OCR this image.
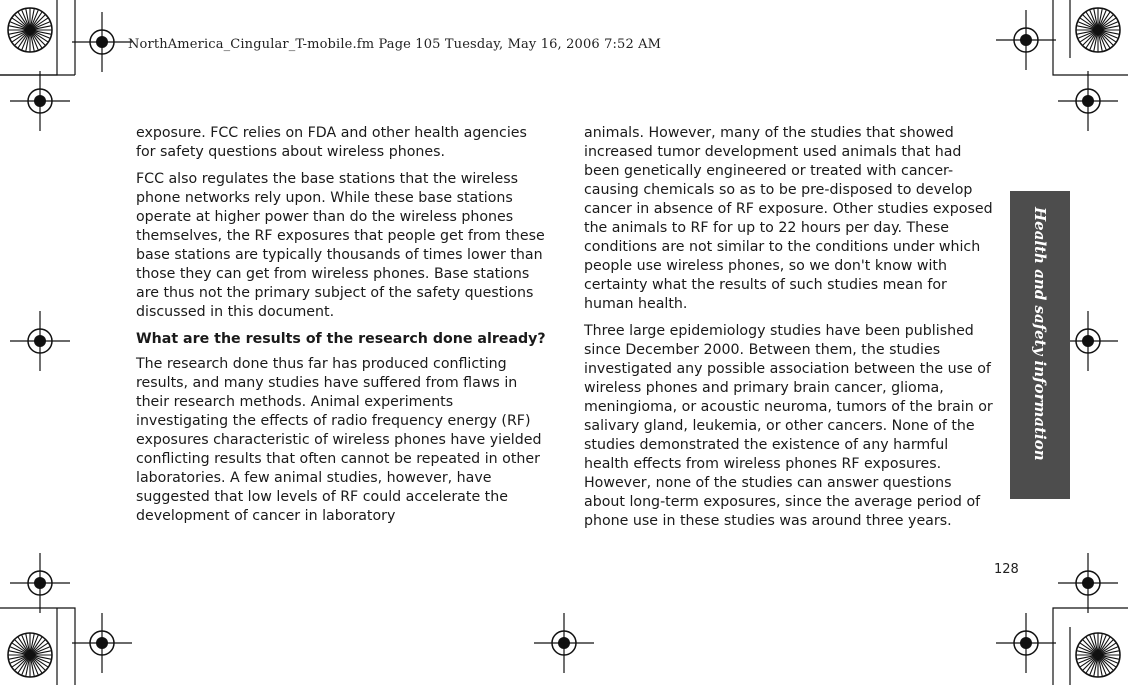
NorthAmerica_Cingular_T-mobile.fm Page 105 Tuesday, May 16, 2006 7:52 AM

exposure. FCC relies on FDA and other health agencies for safety questions about wireless phones.

FCC also regulates the base stations that the wireless phone networks rely upon. While these base stations operate at higher power than do the wireless phones themselves, the RF exposures that people get from these base stations are typically thousands of times lower than those they can get from wireless phones. Base stations are thus not the primary subject of the safety questions discussed in this document.

What are the results of the research done already?

The research done thus far has produced conflicting results, and many studies have suffered from flaws in their research methods. Animal experiments investigating the effects of radio frequency energy (RF) exposures characteristic of wireless phones have yielded conflicting results that often cannot be repeated in other laboratories. A few animal studies, however, have suggested that low levels of RF could accelerate the development of cancer in laboratory

animals. However, many of the studies that showed increased tumor development used animals that had been genetically engineered or treated with cancer-causing chemicals so as to be pre-disposed to develop cancer in absence of RF exposure. Other studies exposed the animals to RF for up to 22 hours per day. These conditions are not similar to the conditions under which people use wireless phones, so we don't know with certainty what the results of such studies mean for human health.

Three large epidemiology studies have been published since December 2000. Between them, the studies investigated any possible association between the use of wireless phones and primary brain cancer, glioma, meningioma, or acoustic neuroma, tumors of the brain or salivary gland, leukemia, or other cancers. None of the studies demonstrated the existence of any harmful health effects from wireless phones RF exposures. However, none of the studies can answer questions about long-term exposures, since the average period of phone use in these studies was around three years.

Health and safety information
128
